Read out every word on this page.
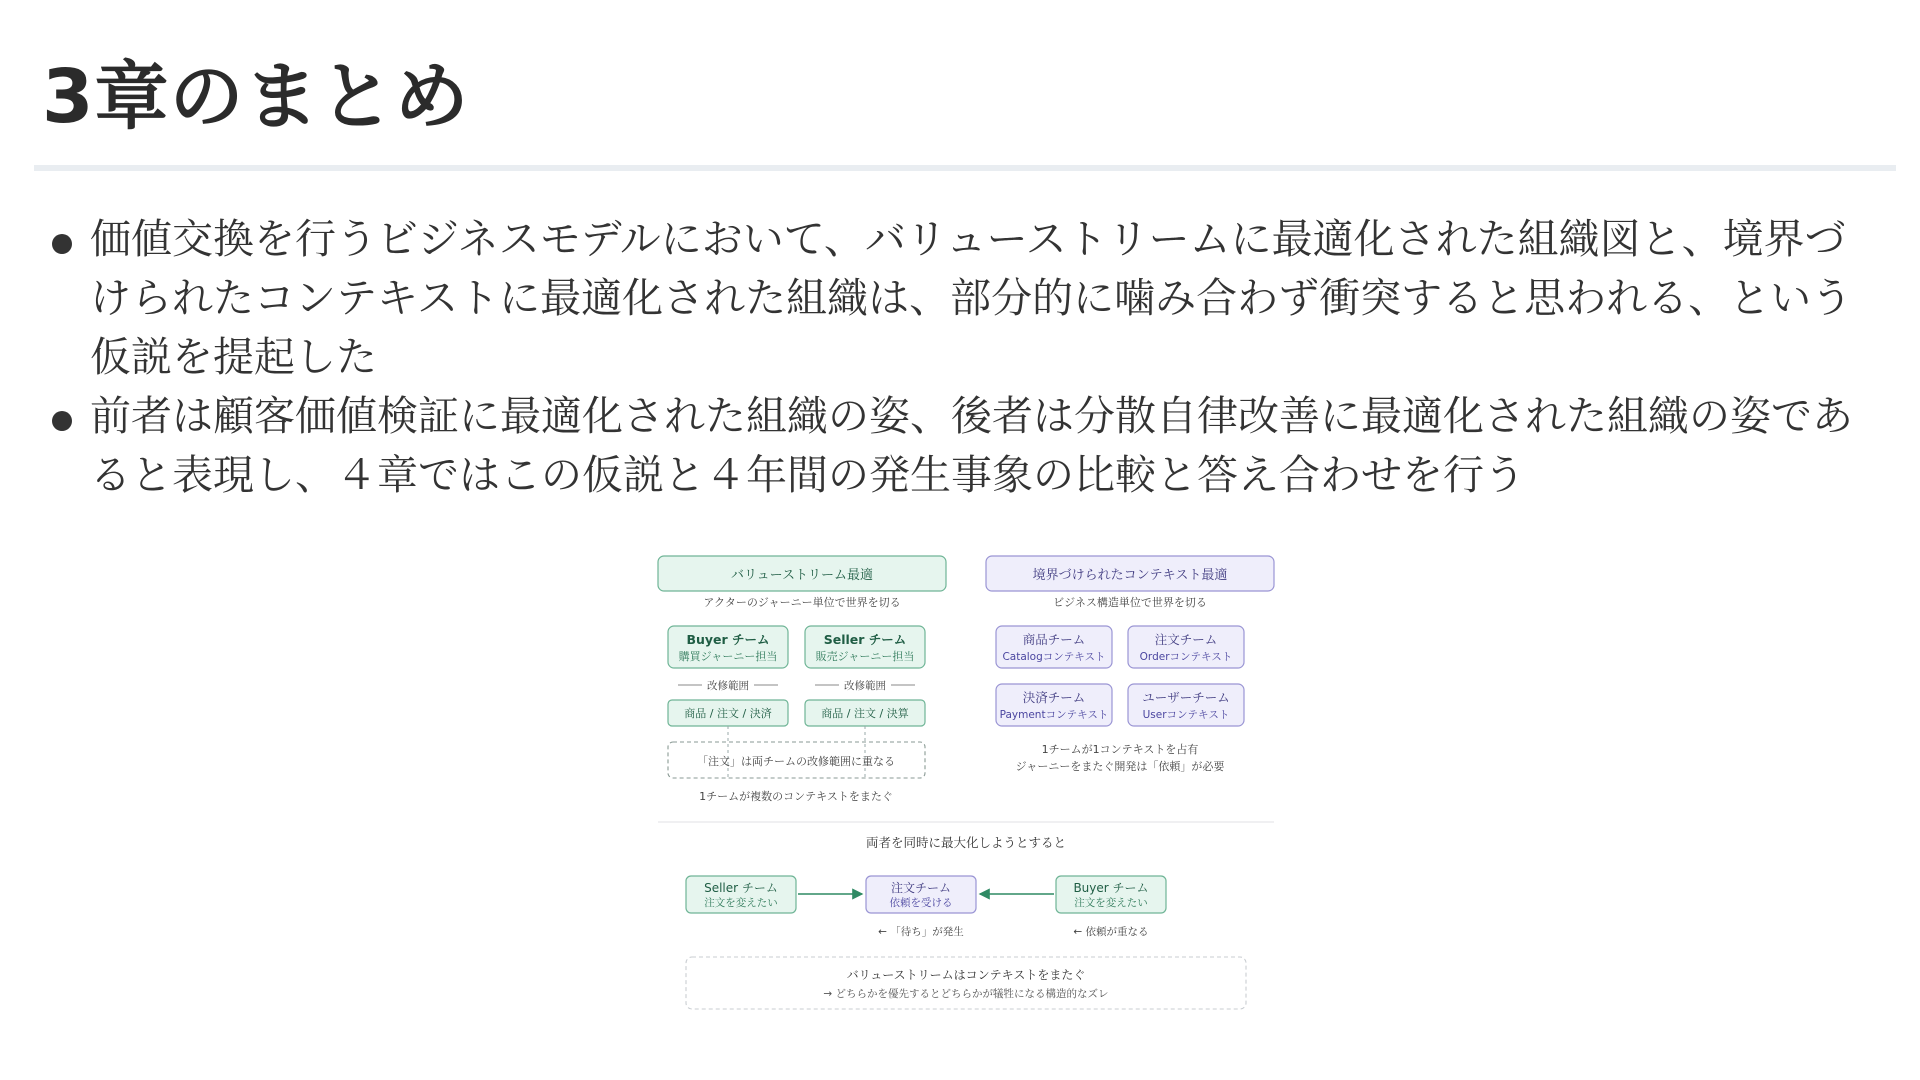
3章のまとめ
価値交換を行うビジネスモデルにおいて、バリューストリームに最適化された組織図と、境界づけられたコンテキストに最適化された組織は、部分的に噛み合わず衝突すると思われる、という仮説を提起した
前者は顧客価値検証に最適化された組織の姿、後者は分散自律改善に最適化された組織の姿であると表現し、４章ではこの仮説と４年間の発生事象の比較と答え合わせを行う
バリューストリーム最適
アクターのジャーニー単位で世界を切る
Buyer チーム
購買ジャーニー担当
Seller チーム
販売ジャーニー担当
改修範囲	改修範囲
商品 / 注文 / 決済	商品 / 注文 / 決算
「注文」は両チームの改修範囲に重なる
1チームが複数のコンテキストをまたぐ
境界づけられたコンテキスト最適
ビジネス構造単位で世界を切る
商品チーム
Catalogコンテキスト
注文チーム
Orderコンテキスト
決済チーム
Paymentコンテキスト
ユーザーチーム
Userコンテキスト
1チームが1コンテキストを占有
ジャーニーをまたぐ開発は「依頼」が必要
両者を同時に最大化しようとすると
Seller チーム
注文を変えたい
注文チーム
依頼を受ける
Buyer チーム
注文を変えたい
← 「待ち」が発生	← 依頼が重なる
バリューストリームはコンテキストをまたぐ
→ どちらかを優先するとどちらかが犠牲になる構造的なズレ
